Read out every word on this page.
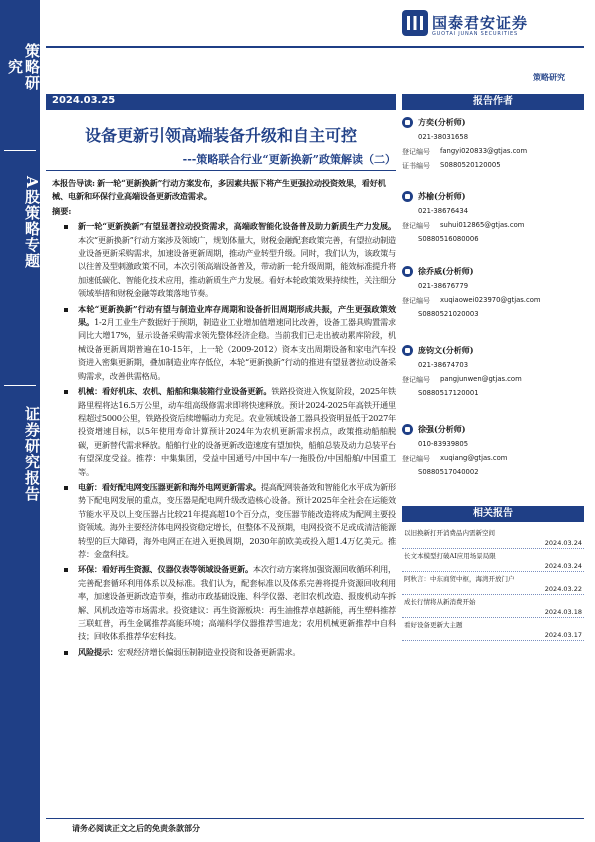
策略研究
A股策略专题
证券研究报告
国泰君安证券
GUOTAI JUNAN SECURITIES
策略研究
2024.03.25
设备更新引领高端装备升级和自主可控
---策略联合行业“更新换新”政策解读（二）

本报告导读: 新一轮“更新换新”行动方案发布，多因素共振下将产生更强拉动投资效果，看好机械、电新和环保行业高端设备更新改造需求。

摘要:

新一轮“更新换新”有望显著拉动投资需求，高端政智能化设备普及助力新质生产力发展。本次“更新换新”行动方案涉及领域广，规划体量大，财税金融配套政策完善，有望拉动制造业设备更新采购需求，加速设备更新周期，推动产业转型升级。同时，我们认为，该政策与以往普及型刺激政策不同，本次引领高端设备普及，带动新一轮升级周期，能效标准提升将加速低碳化、智能化技术应用，推动新质生产力发展。看好本轮政策效果持续性，关注细分领域举措和财税金融等政策落地节奏。
本轮“更新换新”行动有望与制造业库存周期和设备折旧周期形成共振，产生更强政策效果。1-2月工业生产数据好于预期，制造业工业增加值增速同比改善，设备工器具购置需求同比大增17%，显示设备采购需求领先整体经济企稳。当前我们已走出被动累库阶段，机械设备更新周期普遍在10-15年，上一轮（2009-2012）资本支出周期设备和家电汽车投资进入密集更新期，叠加制造业库存低位，本轮“更新换新”行动的推进有望显著拉动设备采购需求，改善供需格局。
机械：看好机床、农机、船舶和集装箱行业设备更新。铁路投资进入恢复阶段，2025年铁路里程将达16.5万公里，动车组高级修需求即将快速释放。预计2024-2025年高铁开通里程超过5000公里，铁路投资后续增幅动力充足。农业领域设备工器具投资明显低于2027年投资增速目标，以5年使用寿命计算预计2024年为农机更新需求拐点，政策推动船舶脱碳，更新替代需求释放。船舶行业的设备更新改造速度有望加快，船舶总装及动力总装平台有望深度受益。推荐：中集集团，受益中国通号/中国中车/一拖股份/中国船舶/中国重工等。
电新：看好配电网变压器更新和海外电网更新需求。提高配网装备效和智能化水平成为新形势下配电网发展的重点，变压器是配电网升级改造核心设备。预计2025年全社会在运能效节能水平及以上变压器占比较21年提高超10个百分点，变压器节能改造将成为配网主要投资领域。海外主要经济体电网投资稳定增长，但整体不及预期，电网投资不足或成清洁能源转型的巨大障碍，海外电网正在进入更换周期，2030年前欧美或投入超1.4万亿美元。推荐：金盘科技。
环保：看好再生资源、仪器仪表等领域设备更新。本次行动方案将加强资源回收循环利用，完善配套循环利用体系以及标准。我们认为，配套标准以及体系完善将提升资源回收利用率，加速设备更新改造节奏，推动市政基础设施、科学仪器、老旧农机改造、报废机动车拆解、风机改造等市场需求。投资建议：再生资源板块：再生油推荐卓越新能，再生塑料推荐三联虹普，再生金属推荐高能环境；高端科学仪器推荐雪迪龙；农用机械更新推荐中自科技；回收体系推荐华宏科技。
风险提示：宏观经济增长偏弱压制制造业投资和设备更新需求。
报告作者
方奕(分析师)
021-38031658
登记编号 fangyi020833@gtjas.com
证书编号 S0880520120005
苏榆(分析师)
021-38676434
登记编号 suhui012865@gtjas.com
S0880516080006
徐乔威(分析师)
021-38676779
登记编号 xuqiaowei023970@gtjas.com
S0880521020003
庞钧文(分析师)
021-38674703
登记编号 pangjunwen@gtjas.com
S0880517120001
徐强(分析师)
010-83939805
登记编号 xuqiang@gtjas.com
S0880517040002
相关报告
以旧换新打开消费品内需新空间
2024.03.24
长文本模型打破AI应用场景局限
2024.03.24
阿秋言：中东商贸中枢，海湾开放门户
2024.03.22
成长行情将从新消费开始
2024.03.18
看好设备更新大主题
2024.03.17
请务必阅读正文之后的免责条款部分
